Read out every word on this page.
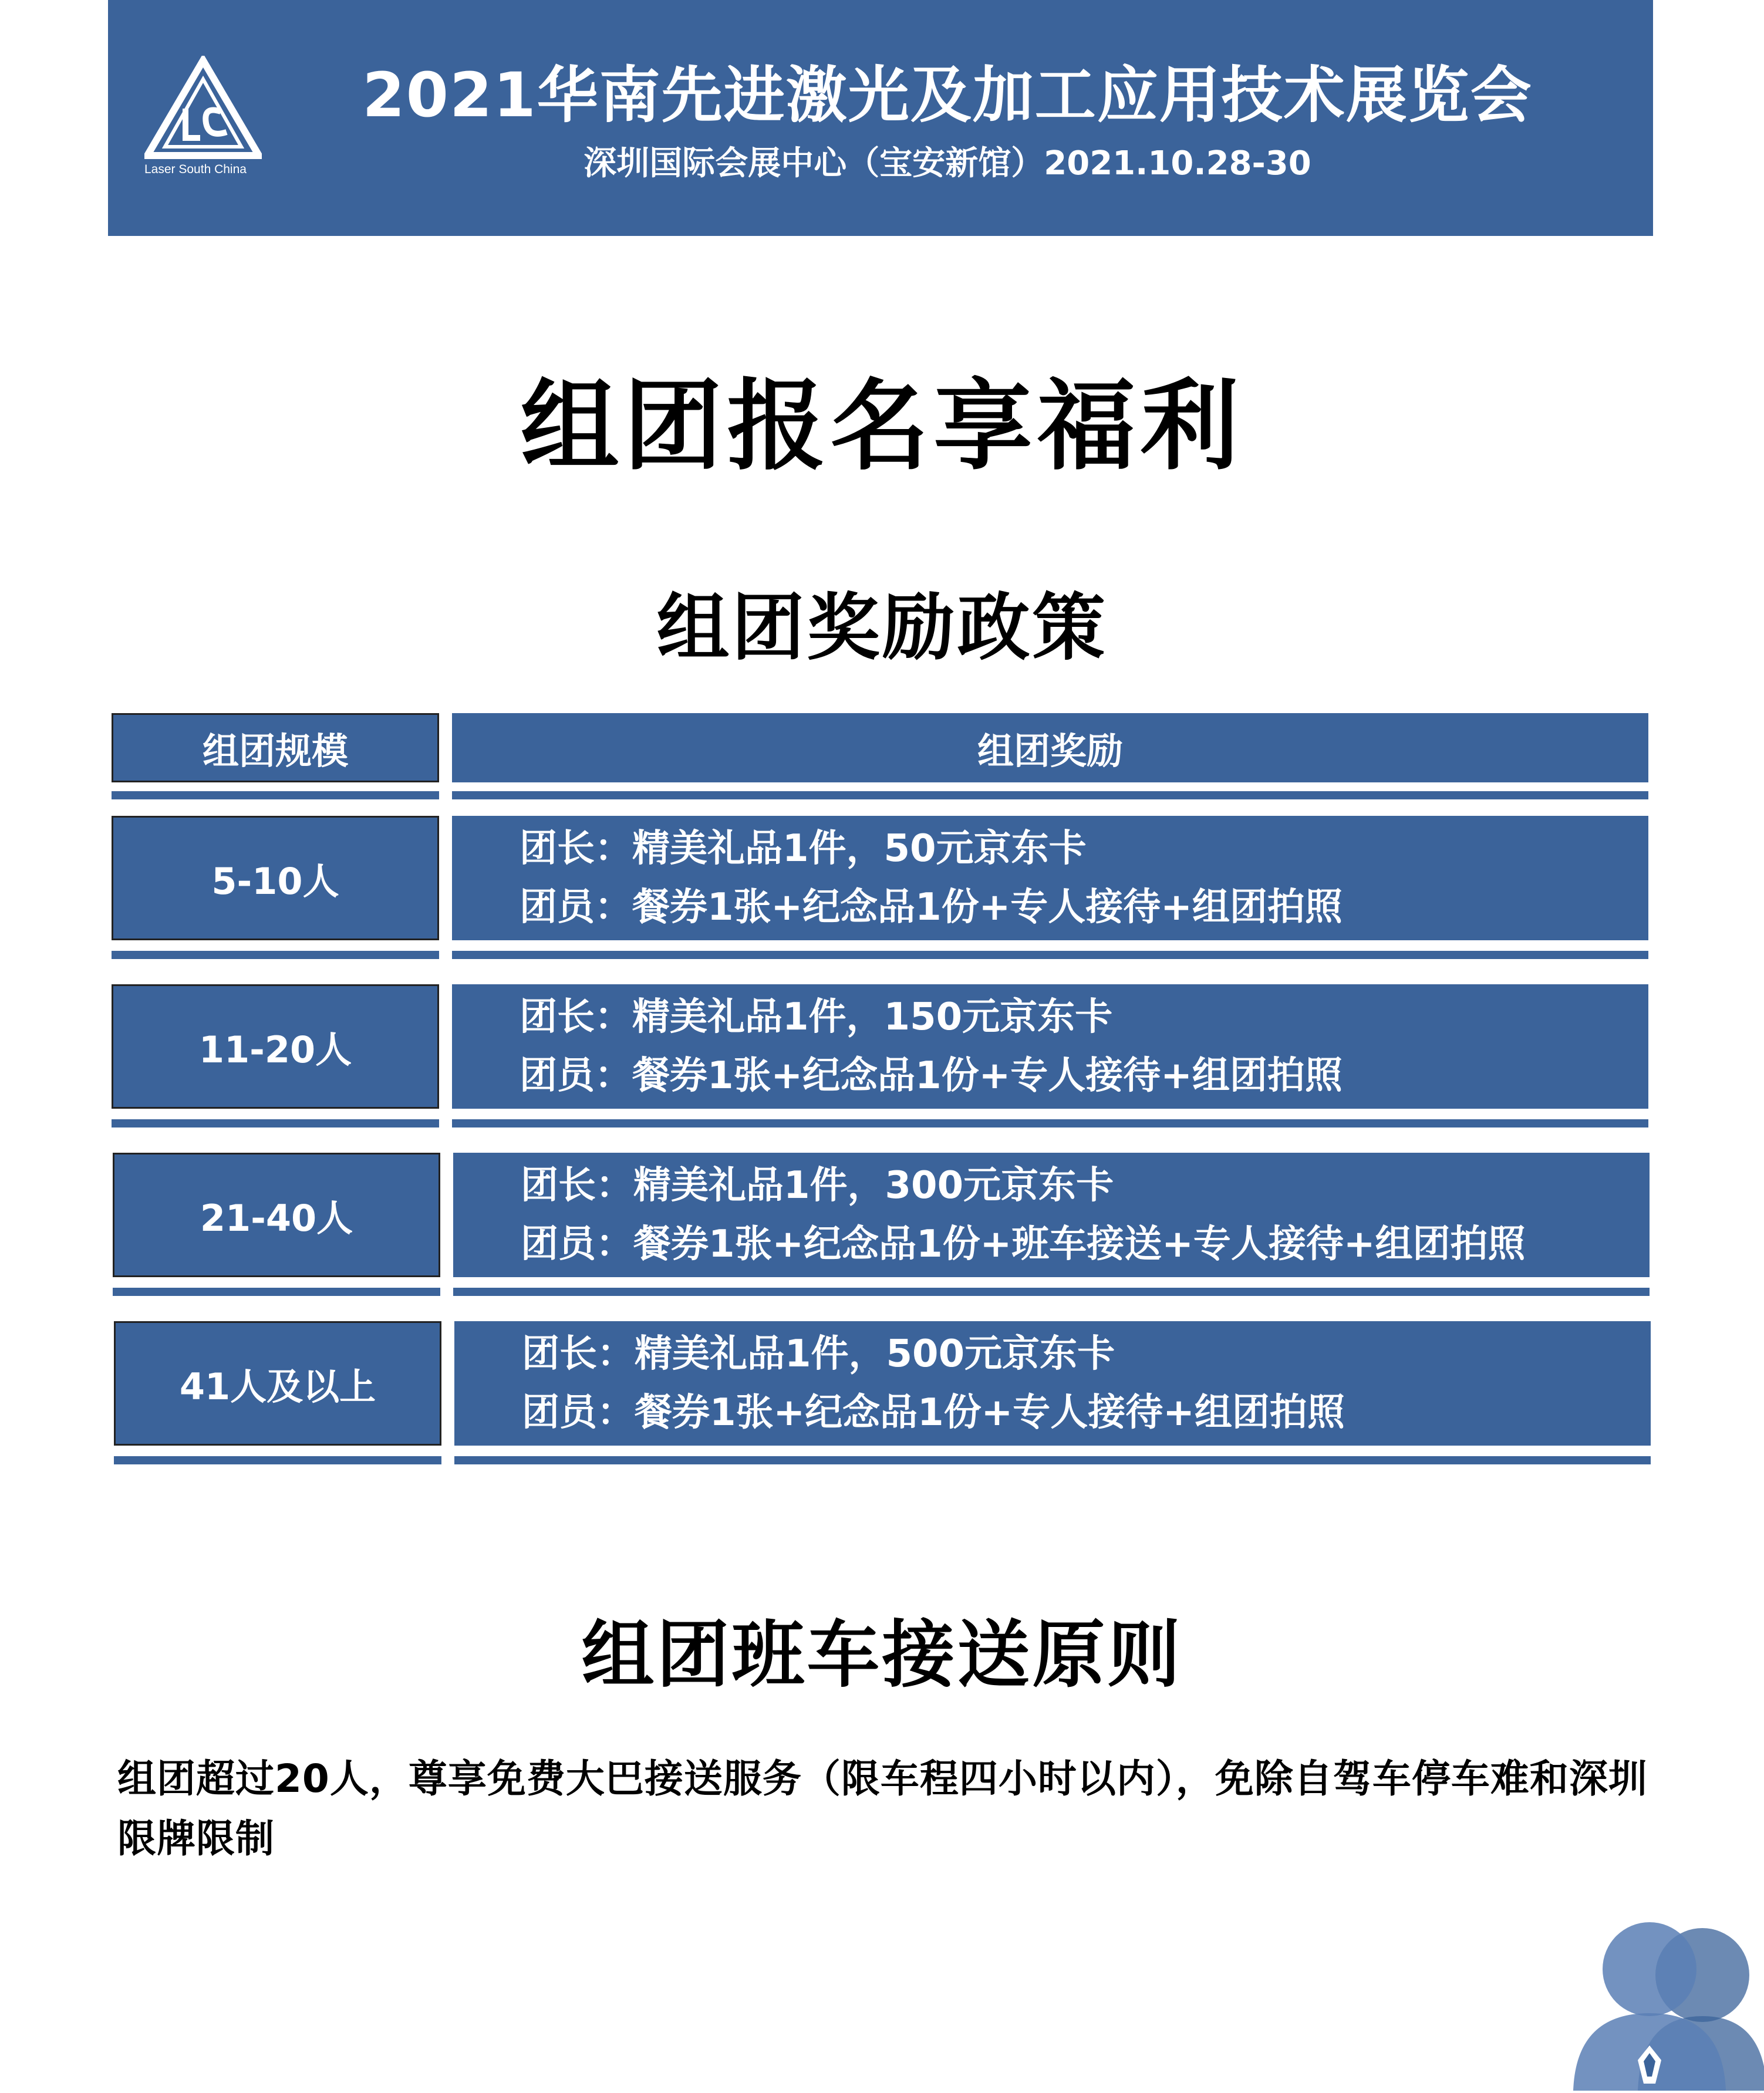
Laser South China
2021华南先进激光及加工应用技术展览会
深圳国际会展中心（宝安新馆）2021.10.28-30
组团报名享福利
组团奖励政策
组团规模	组团奖励
5-10人
团长：精美礼品1件，50元京东卡
团员：餐券1张+纪念品1份+专人接待+组团拍照
11-20人
团长：精美礼品1件，150元京东卡
团员：餐券1张+纪念品1份+专人接待+组团拍照
21-40人
团长：精美礼品1件，300元京东卡
团员：餐券1张+纪念品1份+班车接送+专人接待+组团拍照
41人及以上
团长：精美礼品1件，500元京东卡
团员：餐券1张+纪念品1份+专人接待+组团拍照
组团班车接送原则
组团超过20人，尊享免费大巴接送服务（限车程四小时以内），免除自驾车停车难和深圳限牌限制
